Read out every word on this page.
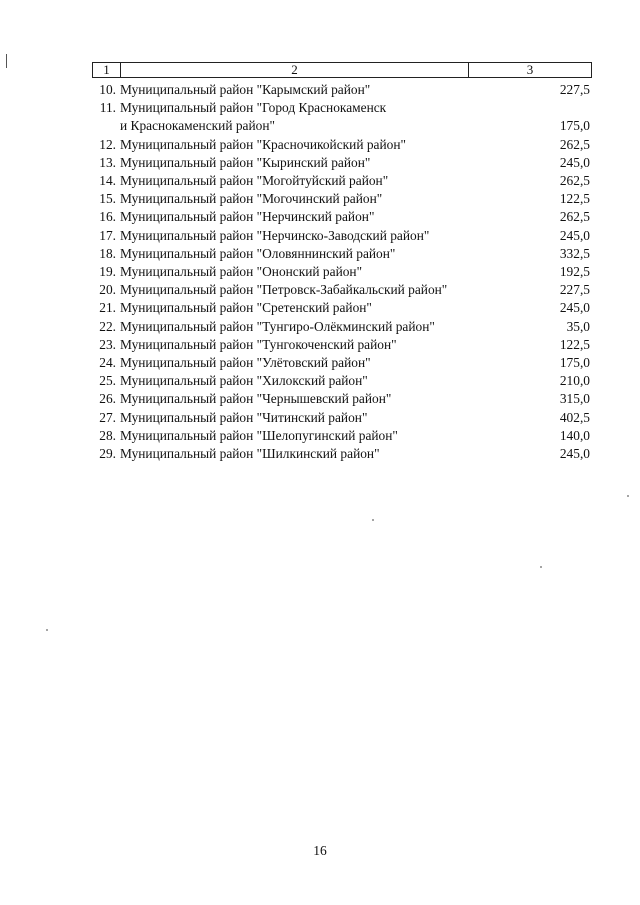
1	2	3
10. Муниципальный район "Карымский район"	227,5
11. Муниципальный район "Город Краснокаменск
и Краснокаменский район"	175,0
12. Муниципальный район "Красночикойский район"	262,5
13. Муниципальный район "Кыринский район"	245,0
14. Муниципальный район "Могойтуйский район"	262,5
15. Муниципальный район "Могочинский район"	122,5
16. Муниципальный район "Нерчинский район"	262,5
17. Муниципальный район "Нерчинско-Заводский район"	245,0
18. Муниципальный район "Оловяннинский район"	332,5
19. Муниципальный район "Ононский район"	192,5
20. Муниципальный район "Петровск-Забайкальский район"	227,5
21. Муниципальный район "Сретенский район"	245,0
22. Муниципальный район "Тунгиро-Олёкминский район"	35,0
23. Муниципальный район "Тунгокоченский район"	122,5
24. Муниципальный район "Улётовский район"	175,0
25. Муниципальный район "Хилокский район"	210,0
26. Муниципальный район "Чернышевский район"	315,0
27. Муниципальный район "Читинский район"	402,5
28. Муниципальный район "Шелопугинский район"	140,0
29. Муниципальный район "Шилкинский район"	245,0
16
